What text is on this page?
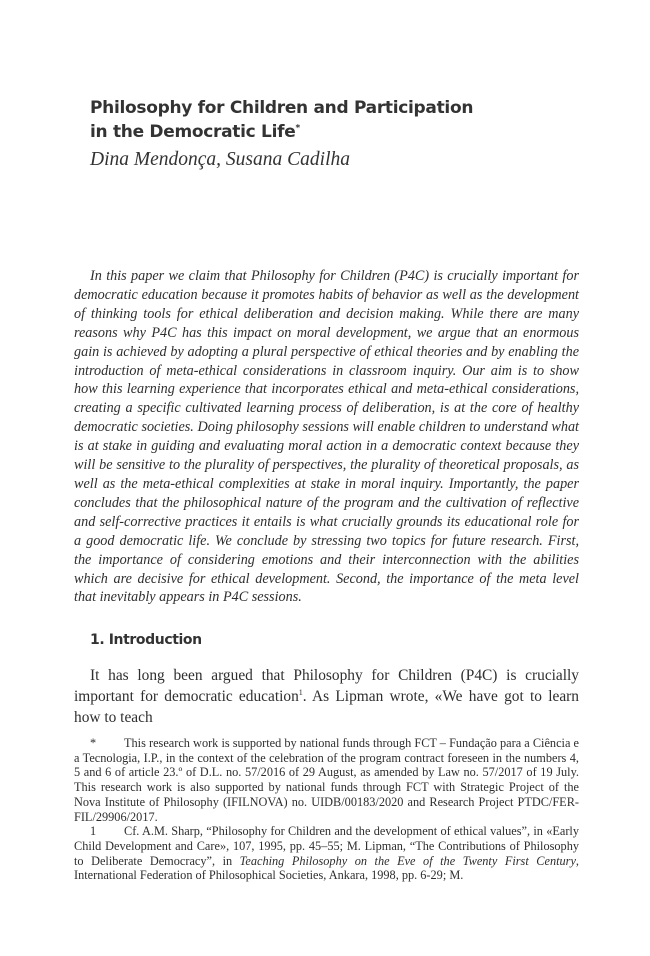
Philosophy for Children and Participation
in the Democratic Life*
Dina Mendonça, Susana Cadilha

In this paper we claim that Philosophy for Children (P4C) is crucially important for democratic education because it promotes habits of behavior as well as the development of thinking tools for ethical deliberation and decision making. While there are many reasons why P4C has this impact on moral development, we argue that an enormous gain is achieved by adopting a plural perspective of ethical theories and by enabling the introduction of meta-ethical considerations in classroom inquiry. Our aim is to show how this learning experience that incorporates ethical and meta-ethical considerations, creating a specific cultivated learning process of deliberation, is at the core of healthy democratic societies. Doing philosophy sessions will enable children to understand what is at stake in guiding and evaluating moral action in a democratic context because they will be sensitive to the plurality of perspectives, the plurality of theoretical proposals, as well as the meta-ethical complexities at stake in moral inquiry. Importantly, the paper concludes that the philosophical nature of the program and the cultivation of reflective and self-corrective practices it entails is what crucially grounds its educational role for a good democratic life. We conclude by stressing two topics for future research. First, the importance of considering emotions and their interconnection with the abilities which are decisive for ethical development. Second, the importance of the meta level that inevitably appears in P4C sessions.

1. Introduction

It has long been argued that Philosophy for Children (P4C) is crucially important for democratic education$^1$. As Lipman wrote, «We have got to learn how to teach

* This research work is supported by national funds through FCT – Fundação para a Ciência e a Tecnologia, I.P., in the context of the celebration of the program contract foreseen in the numbers 4, 5 and 6 of article 23.º of D.L. no. 57/2016 of 29 August, as amended by Law no. 57/2017 of 19 July. This research work is also supported by national funds through FCT with Strategic Project of the Nova Institute of Philosophy (IFILNOVA) no. UIDB/00183/2020 and Research Project PTDC/FER-FIL/29906/2017.

1 Cf. A.M. Sharp, “Philosophy for Children and the development of ethical values”, in «Early Child Development and Care», 107, 1995, pp. 45–55; M. Lipman, “The Contributions of Philosophy to Deliberate Democracy”, in Teaching Philosophy on the Eve of the Twenty First Century, International Federation of Philosophical Societies, Ankara, 1998, pp. 6-29; M.
